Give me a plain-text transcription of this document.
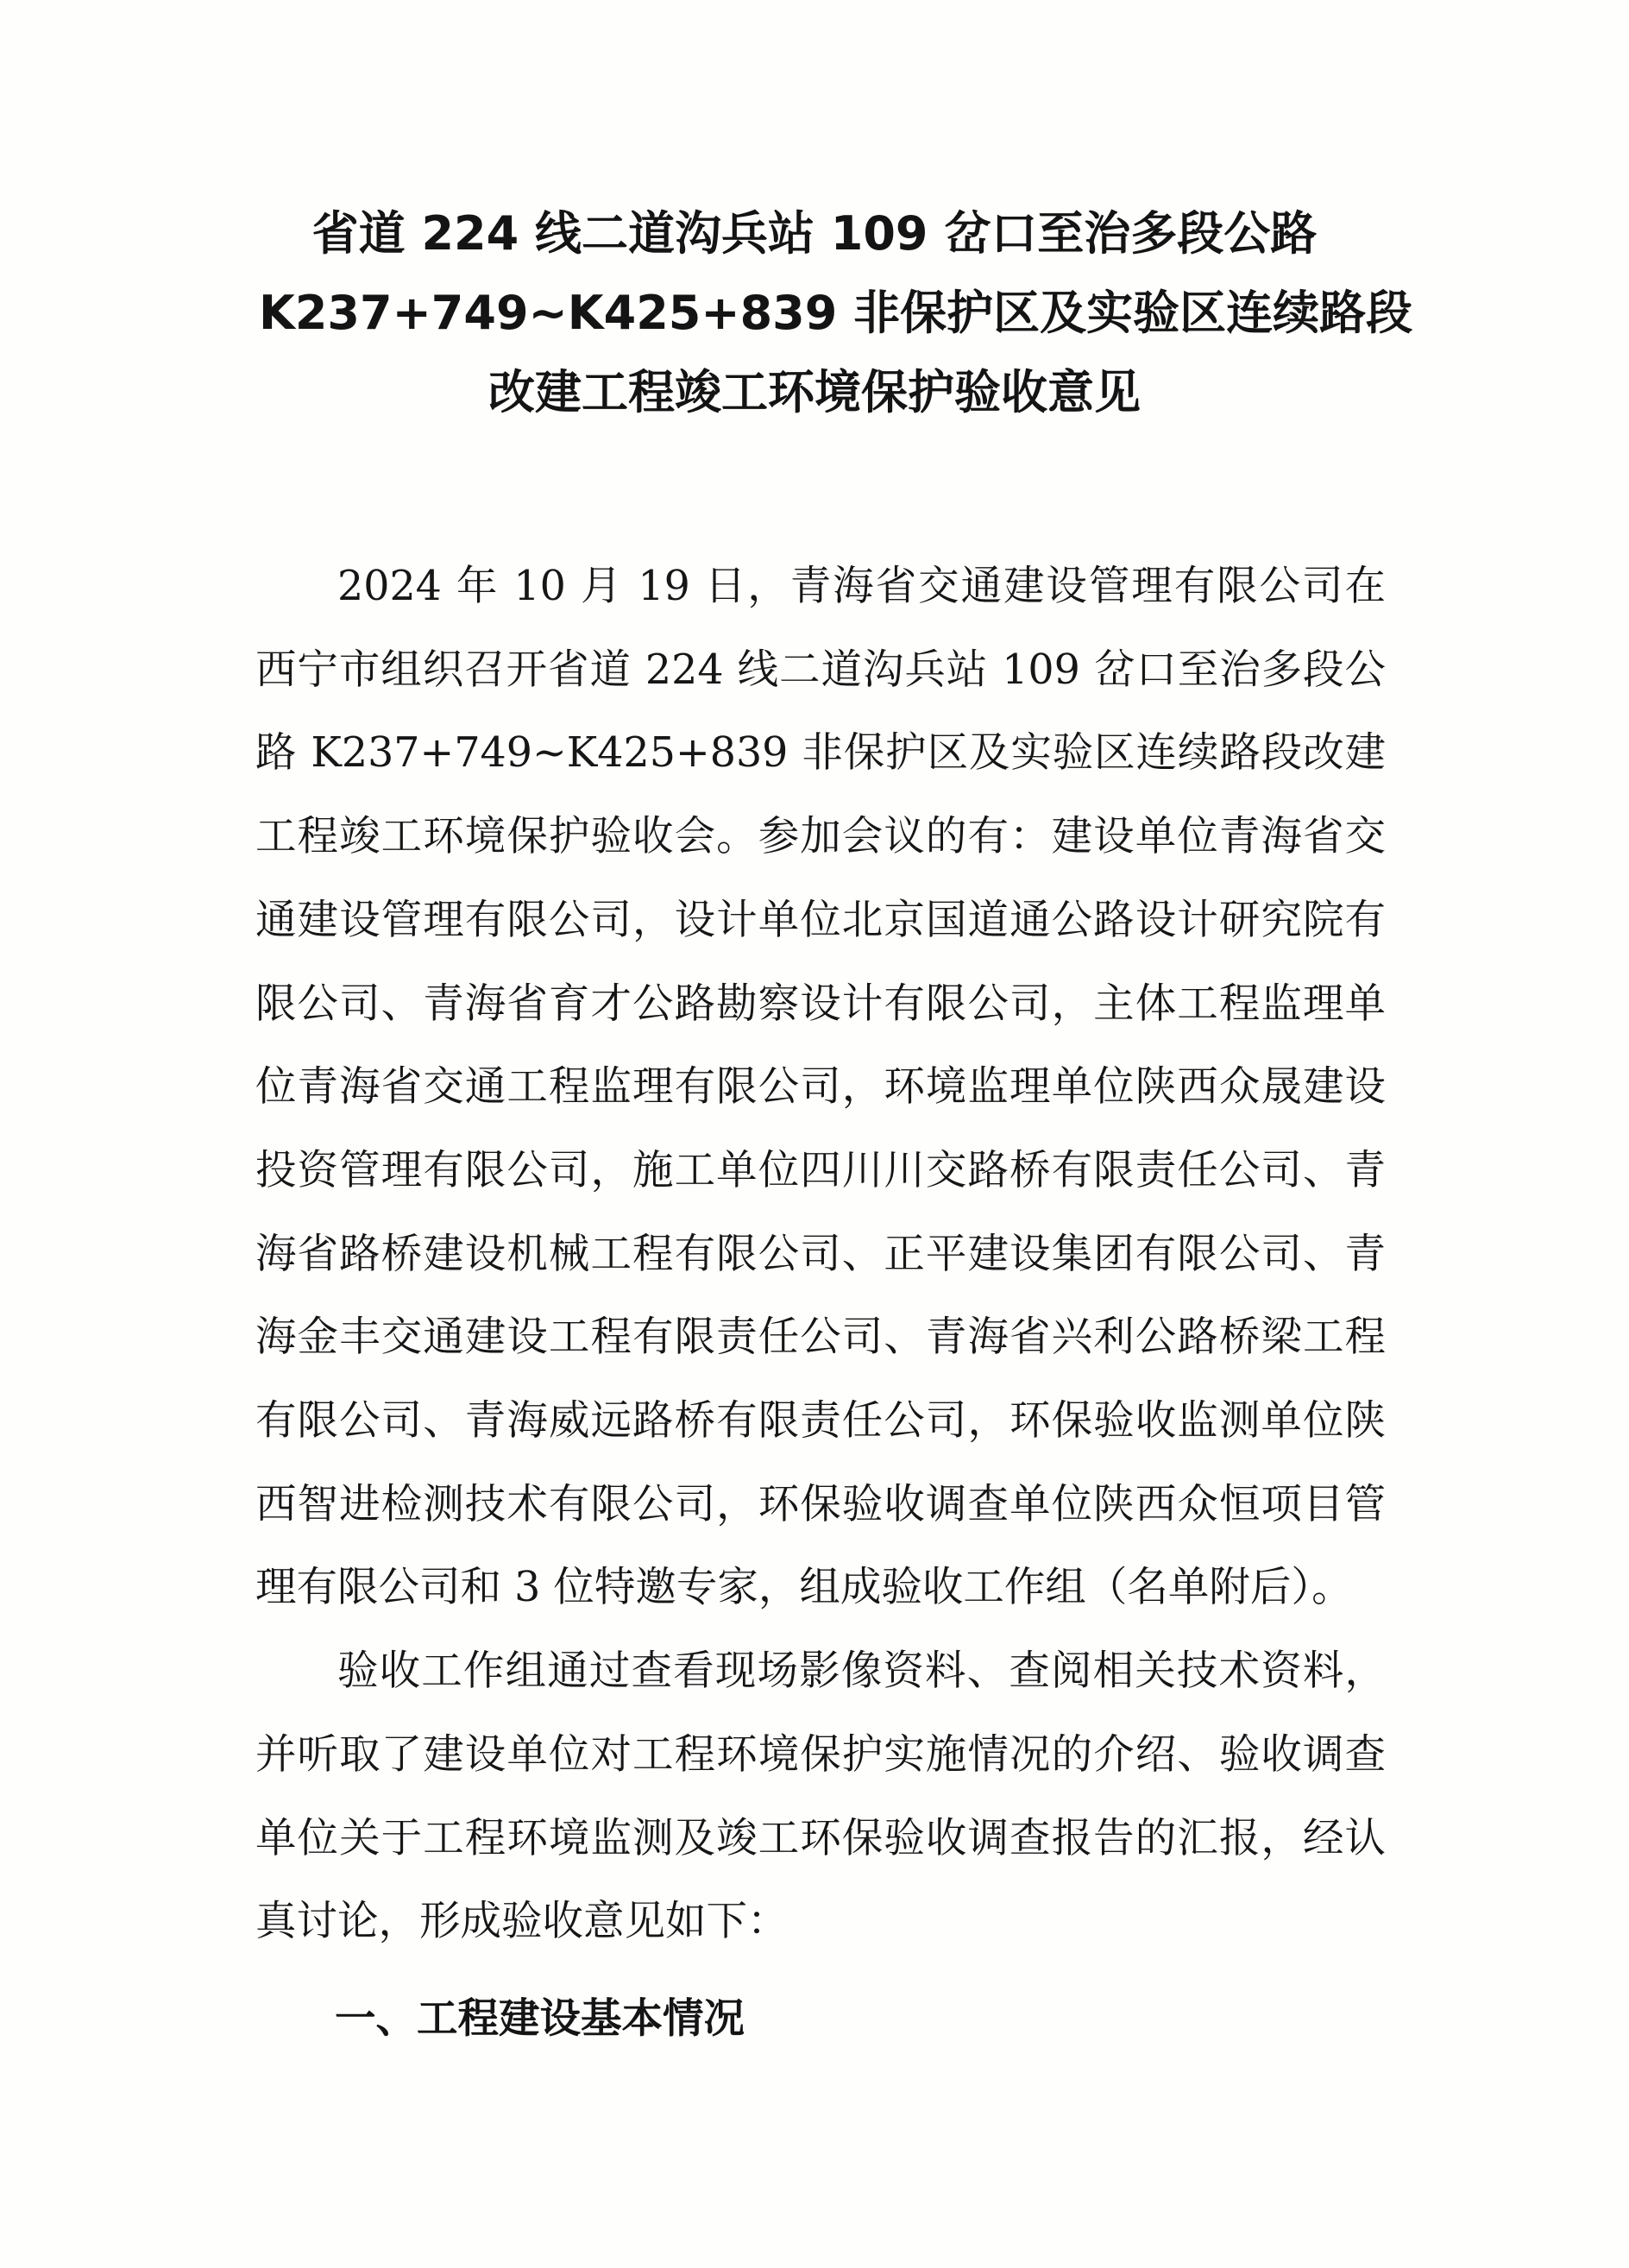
省道 224 线二道沟兵站 109 岔口至治多段公路
K237+749~K425+839 非保护区及实验区连续路段
改建工程竣工环境保护验收意见

2024 年 10 月 19 日，青海省交通建设管理有限公司在西宁市组织召开省道 224 线二道沟兵站 109 岔口至治多段公路 K237+749~K425+839 非保护区及实验区连续路段改建工程竣工环境保护验收会。参加会议的有：建设单位青海省交通建设管理有限公司，设计单位北京国道通公路设计研究院有限公司、青海省育才公路勘察设计有限公司，主体工程监理单位青海省交通工程监理有限公司，环境监理单位陕西众晟建设投资管理有限公司，施工单位四川川交路桥有限责任公司、青海省路桥建设机械工程有限公司、正平建设集团有限公司、青海金丰交通建设工程有限责任公司、青海省兴利公路桥梁工程有限公司、青海威远路桥有限责任公司，环保验收监测单位陕西智进检测技术有限公司，环保验收调查单位陕西众恒项目管理有限公司和 3 位特邀专家，组成验收工作组（名单附后）。

验收工作组通过查看现场影像资料、查阅相关技术资料，并听取了建设单位对工程环境保护实施情况的介绍、验收调查单位关于工程环境监测及竣工环保验收调查报告的汇报，经认真讨论，形成验收意见如下：

一、工程建设基本情况
